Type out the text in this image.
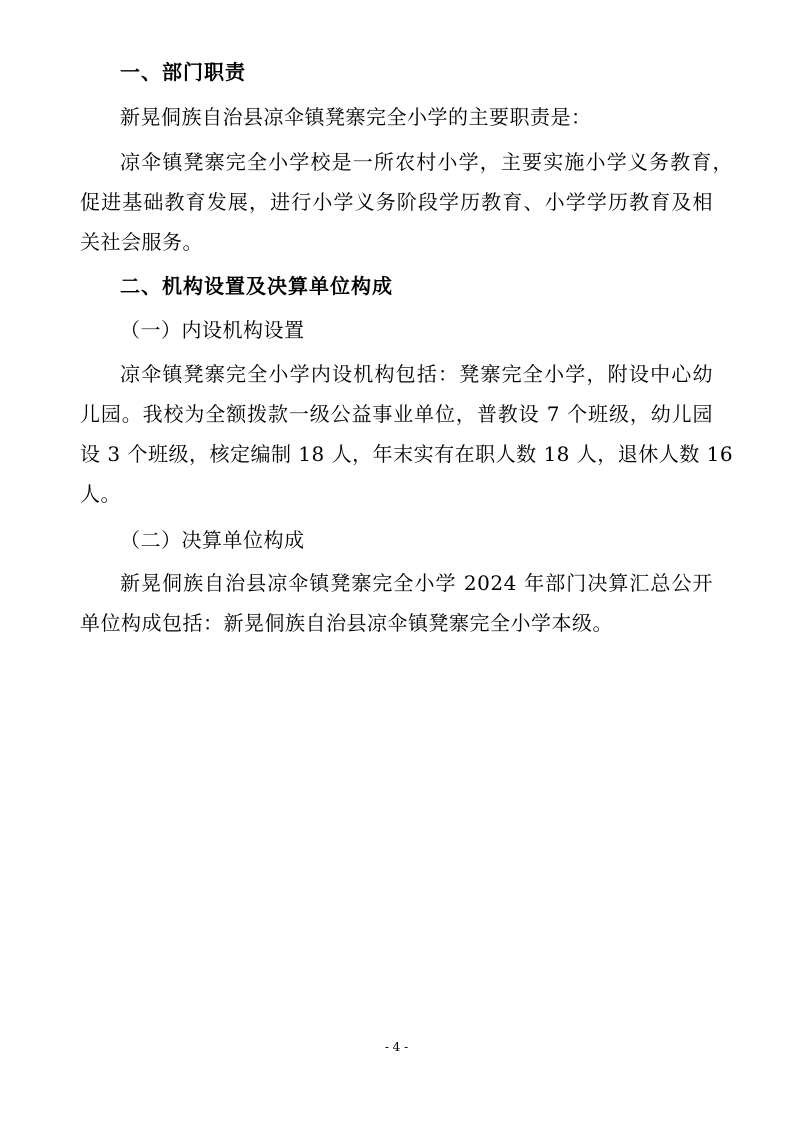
一、部门职责

新晃侗族自治县凉伞镇凳寨完全小学的主要职责是：

凉伞镇凳寨完全小学校是一所农村小学，主要实施小学义务教育，

促进基础教育发展，进行小学义务阶段学历教育、小学学历教育及相

关社会服务。

二、机构设置及决算单位构成

（一）内设机构设置

凉伞镇凳寨完全小学内设机构包括：凳寨完全小学，附设中心幼

儿园。我校为全额拨款一级公益事业单位，普教设 7 个班级，幼儿园

设 3 个班级，核定编制 18 人，年末实有在职人数 18 人，退休人数 16

人。

（二）决算单位构成

新晃侗族自治县凉伞镇凳寨完全小学 2024 年部门决算汇总公开

单位构成包括：新晃侗族自治县凉伞镇凳寨完全小学本级。

- 4 -
